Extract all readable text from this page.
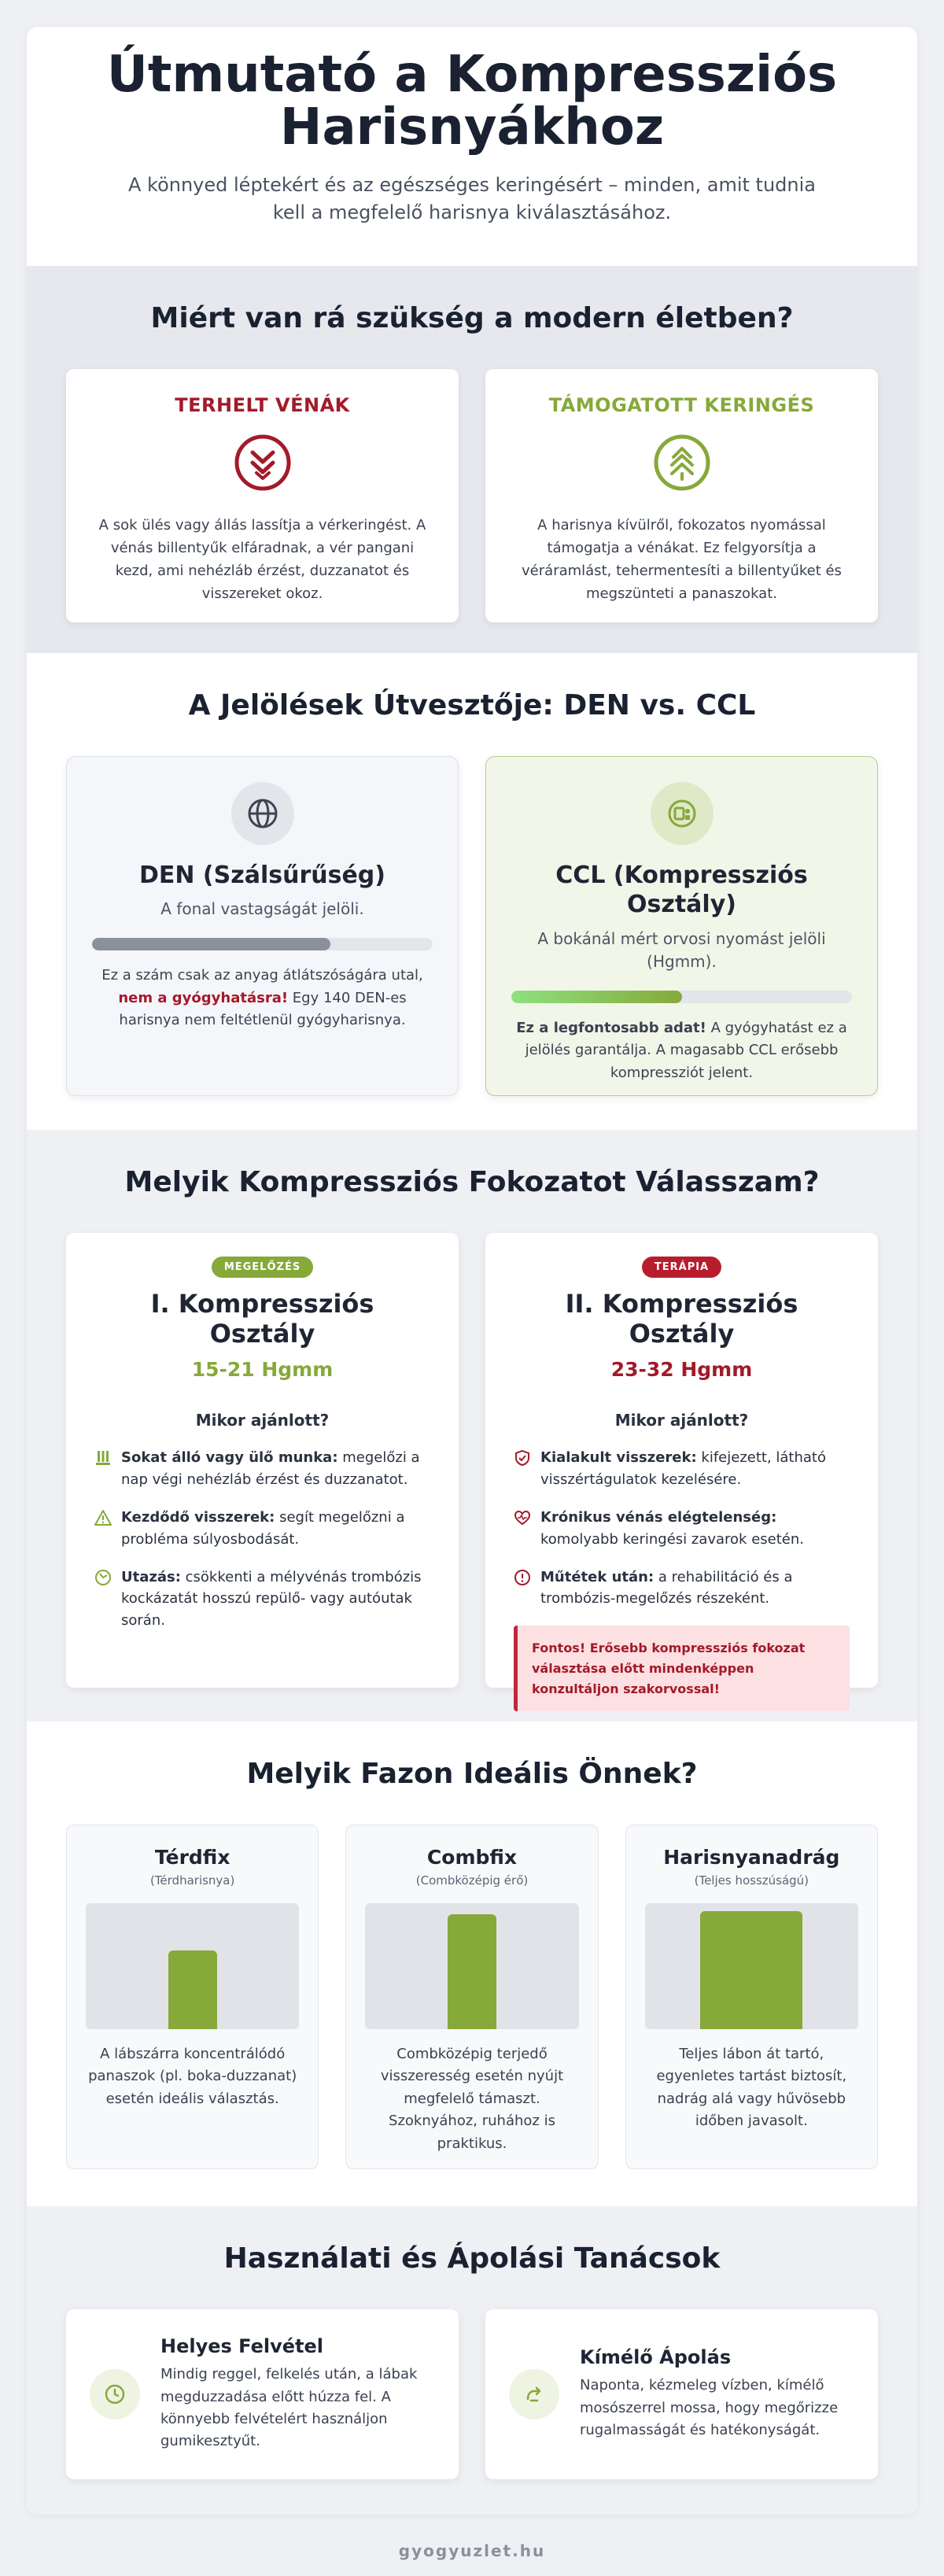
Útmutató a Kompressziós Harisnyákhoz

A könnyed léptekért és az egészséges keringésért – minden, amit tudnia kell a megfelelő harisnya kiválasztásához.

Miért van rá szükség a modern életben?
TERHELT VÉNÁK

A sok ülés vagy állás lassítja a vérkeringést. A vénás billentyűk elfáradnak, a vér pangani kezd, ami nehézláb érzést, duzzanatot és visszereket okoz.

TÁMOGATOTT KERINGÉS

A harisnya kívülről, fokozatos nyomással támogatja a vénákat. Ez felgyorsítja a véráramlást, tehermentesíti a billentyűket és megszünteti a panaszokat.

A Jelölések Útvesztője: DEN vs. CCL
DEN (Szálsűrűség)
A fonal vastagságát jelöli.
Ez a szám csak az anyag átlátszóságára utal, nem a gyógyhatásra! Egy 140 DEN-es harisnya nem feltétlenül gyógyharisnya.
CCL (Kompressziós Osztály)
A bokánál mért orvosi nyomást jelöli (Hgmm).
Ez a legfontosabb adat! A gyógyhatást ez a jelölés garantálja. A magasabb CCL erősebb kompressziót jelent.
Melyik Kompressziós Fokozatot Válasszam?
MEGELŐZÉS
I. Kompressziós Osztály
15-21 Hgmm
Mikor ajánlott?
Sokat álló vagy ülő munka: megelőzi a nap végi nehézláb érzést és duzzanatot.
Kezdődő visszerek: segít megelőzni a probléma súlyosbodását.
Utazás: csökkenti a mélyvénás trombózis kockázatát hosszú repülő- vagy autóutak során.
TERÁPIA
II. Kompressziós Osztály
23-32 Hgmm
Mikor ajánlott?
Kialakult visszerek: kifejezett, látható visszértágulatok kezelésére.
Krónikus vénás elégtelenség: komolyabb keringési zavarok esetén.
Műtétek után: a rehabilitáció és a trombózis-megelőzés részeként.
Fontos! Erősebb kompressziós fokozat választása előtt mindenképpen konzultáljon szakorvossal!
Melyik Fazon Ideális Önnek?
Térdfix
(Térdharisnya)

A lábszárra koncentrálódó panaszok (pl. boka-duzzanat) esetén ideális választás.

Combfix
(Combközépig érő)

Combközépig terjedő visszeresség esetén nyújt megfelelő támaszt. Szoknyához, ruhához is praktikus.

Harisnyanadrág
(Teljes hosszúságú)

Teljes lábon át tartó, egyenletes tartást biztosít, nadrág alá vagy hűvösebb időben javasolt.

Használati és Ápolási Tanácsok
Helyes Felvétel

Mindig reggel, felkelés után, a lábak megduzzadása előtt húzza fel. A könnyebb felvételért használjon gumikesztyűt.

Kímélő Ápolás

Naponta, kézmeleg vízben, kímélő mosószerrel mossa, hogy megőrizze rugalmasságát és hatékonyságát.

gyogyuzlet.hu
